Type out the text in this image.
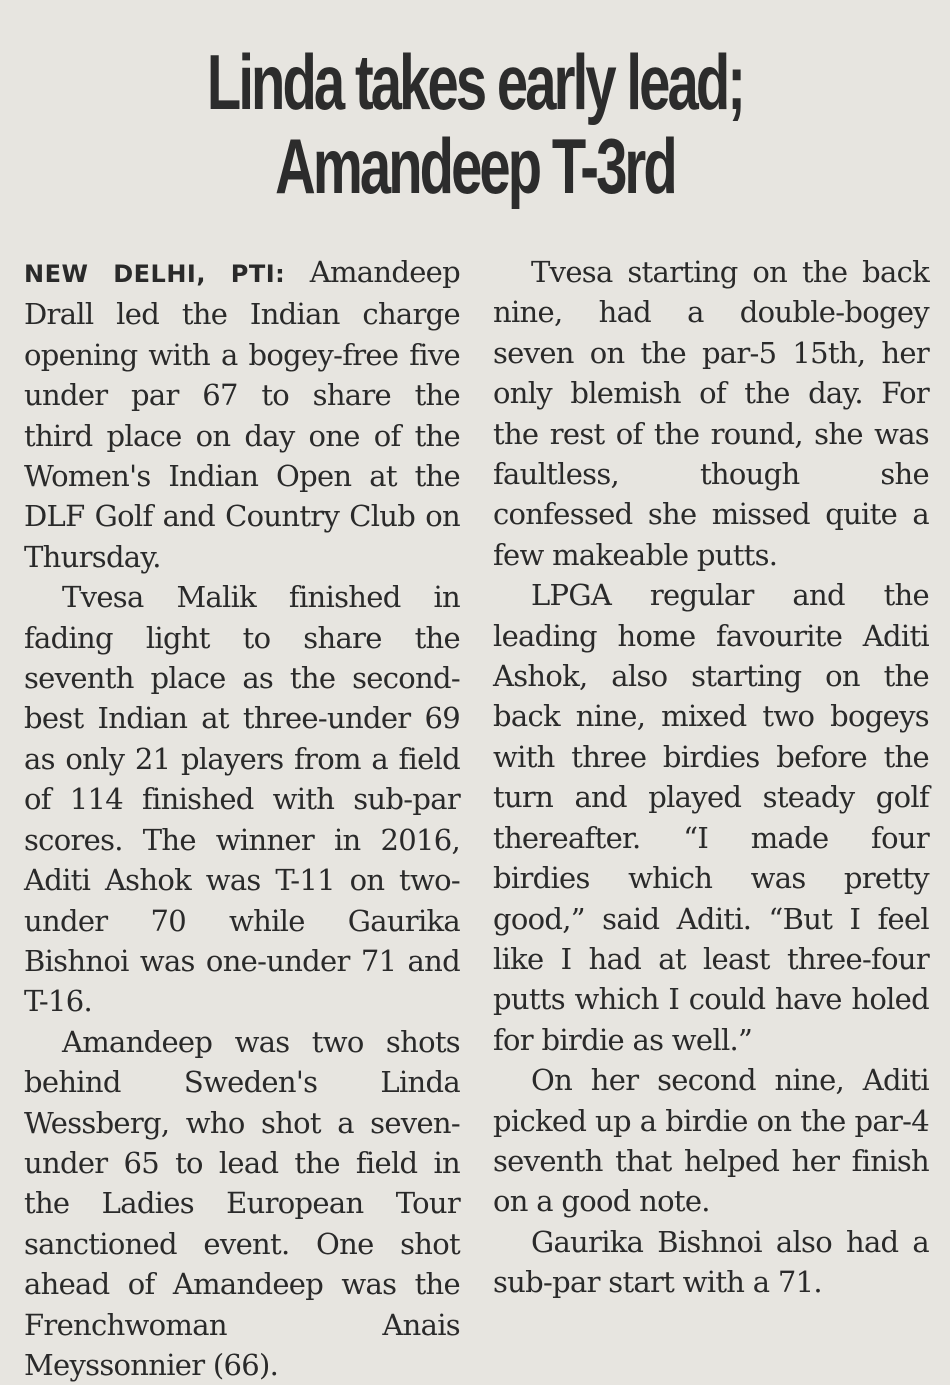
Linda takes early lead;
Amandeep T-3rd

NEW DELHI, PTI: Amandeep Drall led the Indian charge opening with a bogey-free five under par 67 to share the third place on day one of the Women's Indian Open at the DLF Golf and Country Club on Thursday.

Tvesa Malik finished in fading light to share the seventh place as the second-best Indian at three-under 69 as only 21 players from a field of 114 finished with sub-par scores. The winner in 2016, Aditi Ashok was T-11 on two-under 70 while Gaurika Bishnoi was one-under 71 and T-16.

Amandeep was two shots behind Sweden's Linda Wessberg, who shot a seven-under 65 to lead the field in the Ladies European Tour sanctioned event. One shot ahead of Amandeep was the Frenchwoman Anais Meyssonnier (66).

Tvesa starting on the back nine, had a double-bogey seven on the par-5 15th, her only blemish of the day. For the rest of the round, she was faultless, though she confessed she missed quite a few makeable putts.

LPGA regular and the leading home favourite Aditi Ashok, also starting on the back nine, mixed two bogeys with three birdies before the turn and played steady golf thereafter. “I made four birdies which was pretty good,” said Aditi. “But I feel like I had at least three-four putts which I could have holed for birdie as well.”

On her second nine, Aditi picked up a birdie on the par-4 seventh that helped her finish on a good note.

Gaurika Bishnoi also had a sub-par start with a 71.
